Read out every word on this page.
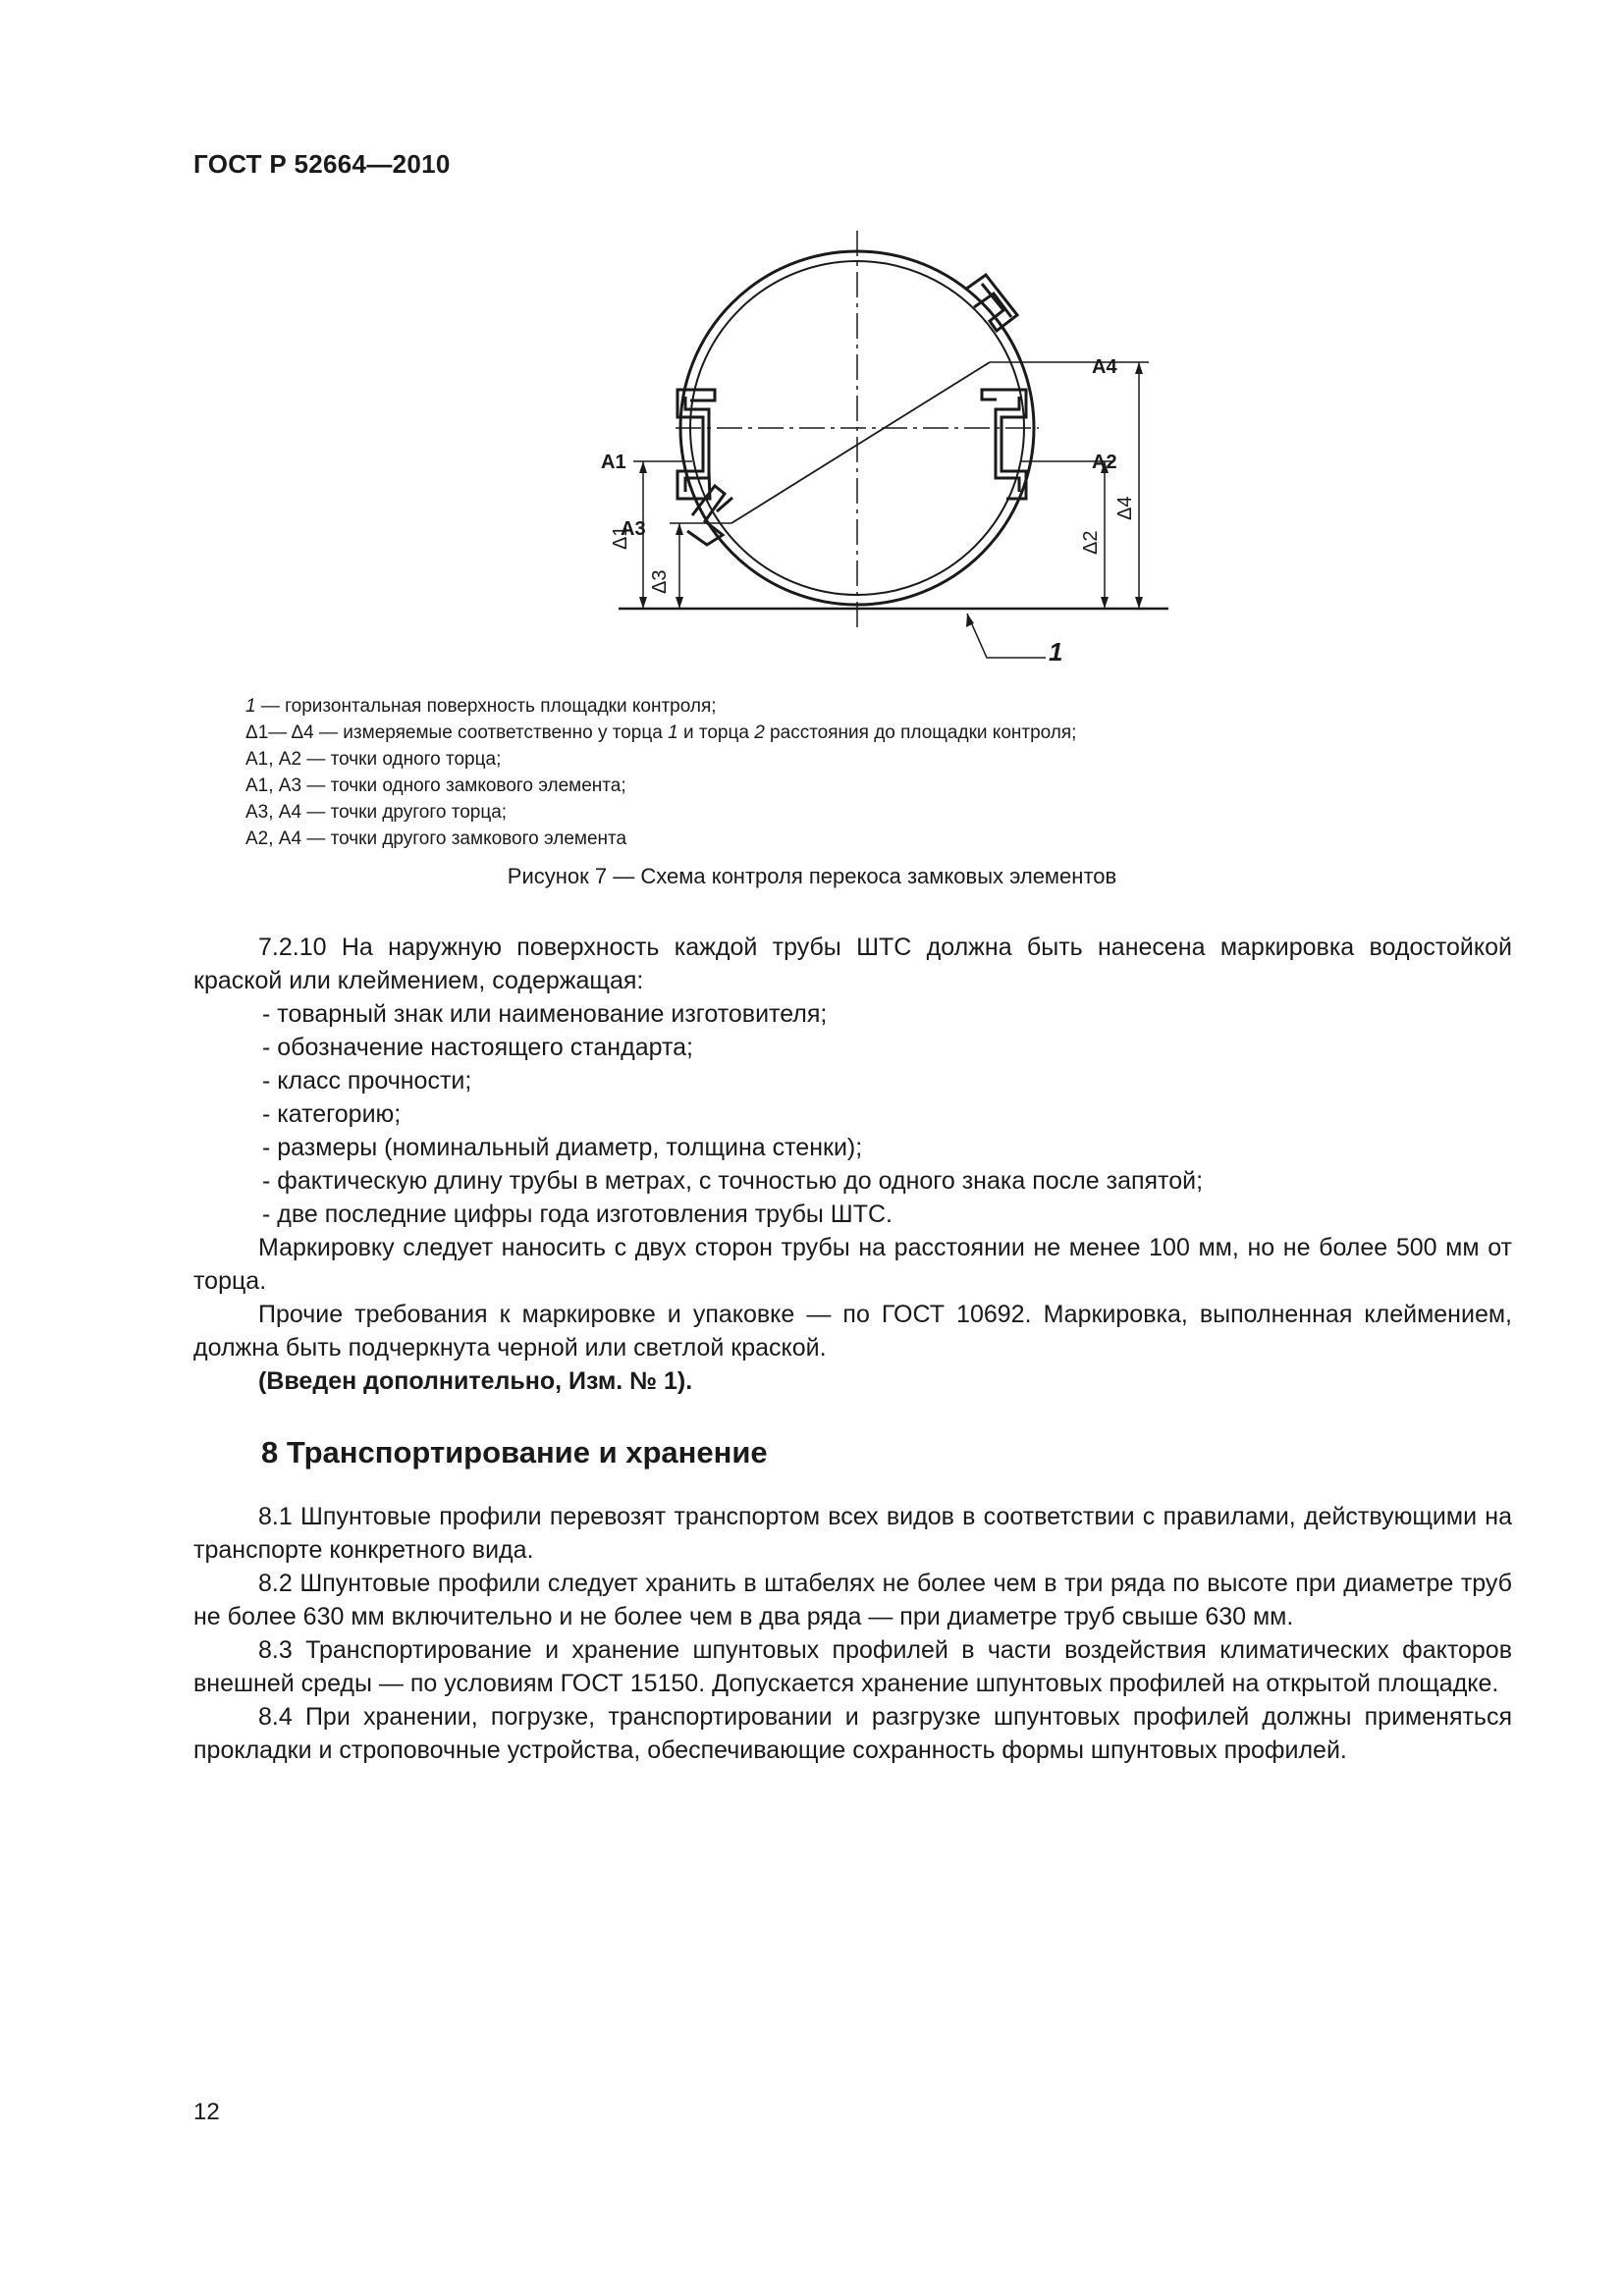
ГОСТ Р 52664—2010
A1
A3
A2
A4
1
Δ1
Δ3
Δ2
Δ4
1 — горизонтальная поверхность площадки контроля;
Δ1— Δ4 — измеряемые соответственно у торца 1 и торца 2 расстояния до площадки контроля;
А1, А2 — точки одного торца;
А1, А3 — точки одного замкового элемента;
А3, А4 — точки другого торца;
А2, А4 — точки другого замкового элемента
Рисунок 7 — Схема контроля перекоса замковых элементов

7.2.10 На наружную поверхность каждой трубы ШТС должна быть нанесена маркировка водостойкой краской или клеймением, содержащая:

- товарный знак или наименование изготовителя;

- обозначение настоящего стандарта;

- класс прочности;

- категорию;

- размеры (номинальный диаметр, толщина стенки);

- фактическую длину трубы в метрах, с точностью до одного знака после запятой;

- две последние цифры года изготовления трубы ШТС.

Маркировку следует наносить с двух сторон трубы на расстоянии не менее 100 мм, но не более 500 мм от торца.

Прочие требования к маркировке и упаковке — по ГОСТ 10692. Маркировка, выполненная клеймением, должна быть подчеркнута черной или светлой краской.

(Введен дополнительно, Изм. № 1).

8 Транспортирование и хранение

8.1 Шпунтовые профили перевозят транспортом всех видов в соответствии с правилами, действующими на транспорте конкретного вида.

8.2 Шпунтовые профили следует хранить в штабелях не более чем в три ряда по высоте при диаметре труб не более 630 мм включительно и не более чем в два ряда — при диаметре труб свыше 630 мм.

8.3 Транспортирование и хранение шпунтовых профилей в части воздействия климатических факторов внешней среды — по условиям ГОСТ 15150. Допускается хранение шпунтовых профилей на открытой площадке.

8.4 При хранении, погрузке, транспортировании и разгрузке шпунтовых профилей должны применяться прокладки и строповочные устройства, обеспечивающие сохранность формы шпунтовых профилей.

12
